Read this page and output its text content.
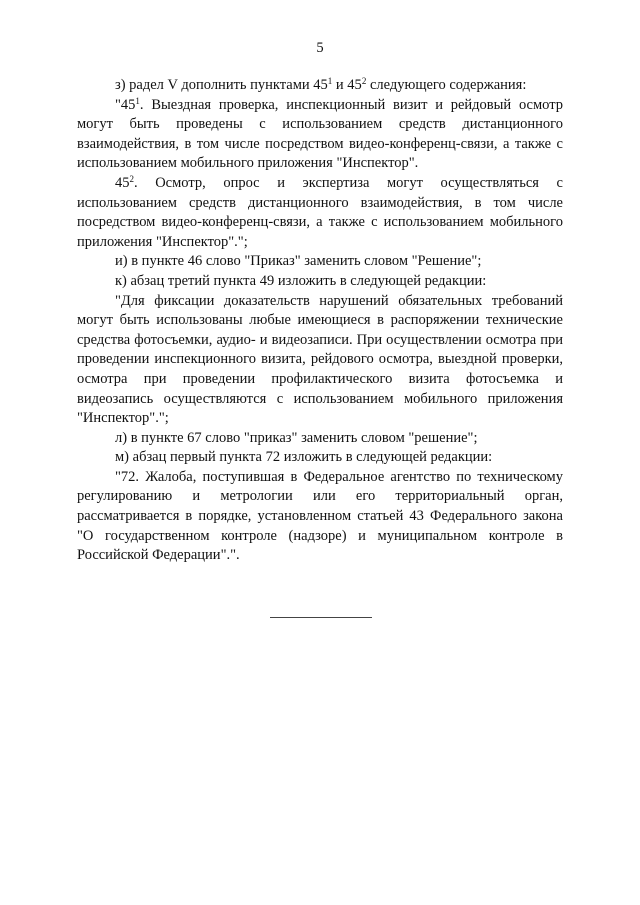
5

з) радел V дополнить пунктами $45^1$ и $45^2$ следующего содержания:

"$45^1$. Выездная проверка, инспекционный визит и рейдовый осмотр могут быть проведены с использованием средств дистанционного взаимодействия, в том числе посредством видео-конференц-связи, а также с использованием мобильного приложения "Инспектор".

$45^2$. Осмотр, опрос и экспертиза могут осуществляться с использованием средств дистанционного взаимодействия, в том числе посредством видео-конференц-связи, а также с использованием мобильного приложения "Инспектор".";

и) в пункте 46 слово "Приказ" заменить словом "Решение";

к) абзац третий пункта 49 изложить в следующей редакции:

"Для фиксации доказательств нарушений обязательных требований могут быть использованы любые имеющиеся в распоряжении технические средства фотосъемки, аудио- и видеозаписи. При осуществлении осмотра при проведении инспекционного визита, рейдового осмотра, выездной проверки, осмотра при проведении профилактического визита фотосъемка и видеозапись осуществляются с использованием мобильного приложения "Инспектор".";

л) в пункте 67 слово "приказ" заменить словом "решение";

м) абзац первый пункта 72 изложить в следующей редакции:

"72. Жалоба, поступившая в Федеральное агентство по техническому регулированию и метрологии или его территориальный орган, рассматривается в порядке, установленном статьей 43 Федерального закона "О государственном контроле (надзоре) и муниципальном контроле в Российской Федерации".".
